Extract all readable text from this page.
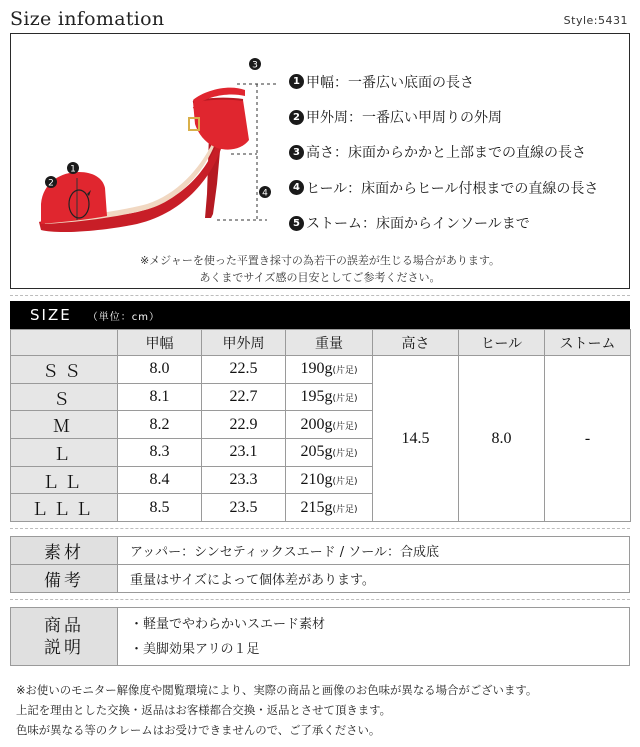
Size infomation	Style:5431
1
2
3
4
1 甲幅：一番広い底面の長さ
2 甲外周：一番広い甲周りの外周
3 高さ：床面からかかと上部までの直線の長さ
4 ヒール：床面からヒール付根までの直線の長さ
5 ストーム：床面からインソールまで
※メジャーを使った平置き採寸の為若干の誤差が生じる場合があります。
あくまでサイズ感の目安としてご参考ください。
SIZE （単位：cm）
	甲幅	甲外周	重量	高さ	ヒール	ストーム
ＳＳ	8.0	22.5	190g(片足)	14.5	8.0	-
Ｓ	8.1	22.7	195g(片足)			
Ｍ	8.2	22.9	200g(片足)			
Ｌ	8.3	23.1	205g(片足)			
ＬＬ	8.4	23.3	210g(片足)			
ＬＬＬ	8.5	23.5	215g(片足)			
素材	アッパー：シンセティックスエード / ソール：合成底
備考	重量はサイズによって個体差があります。
商品
説明

・軽量でやわらかいスエード素材
・美脚効果アリの１足
※お使いのモニター解像度や閲覧環境により、実際の商品と画像のお色味が異なる場合がございます。
上記を理由とした交換・返品はお客様都合交換・返品とさせて頂きます。
色味が異なる等のクレームはお受けできませんので、ご了承ください。
